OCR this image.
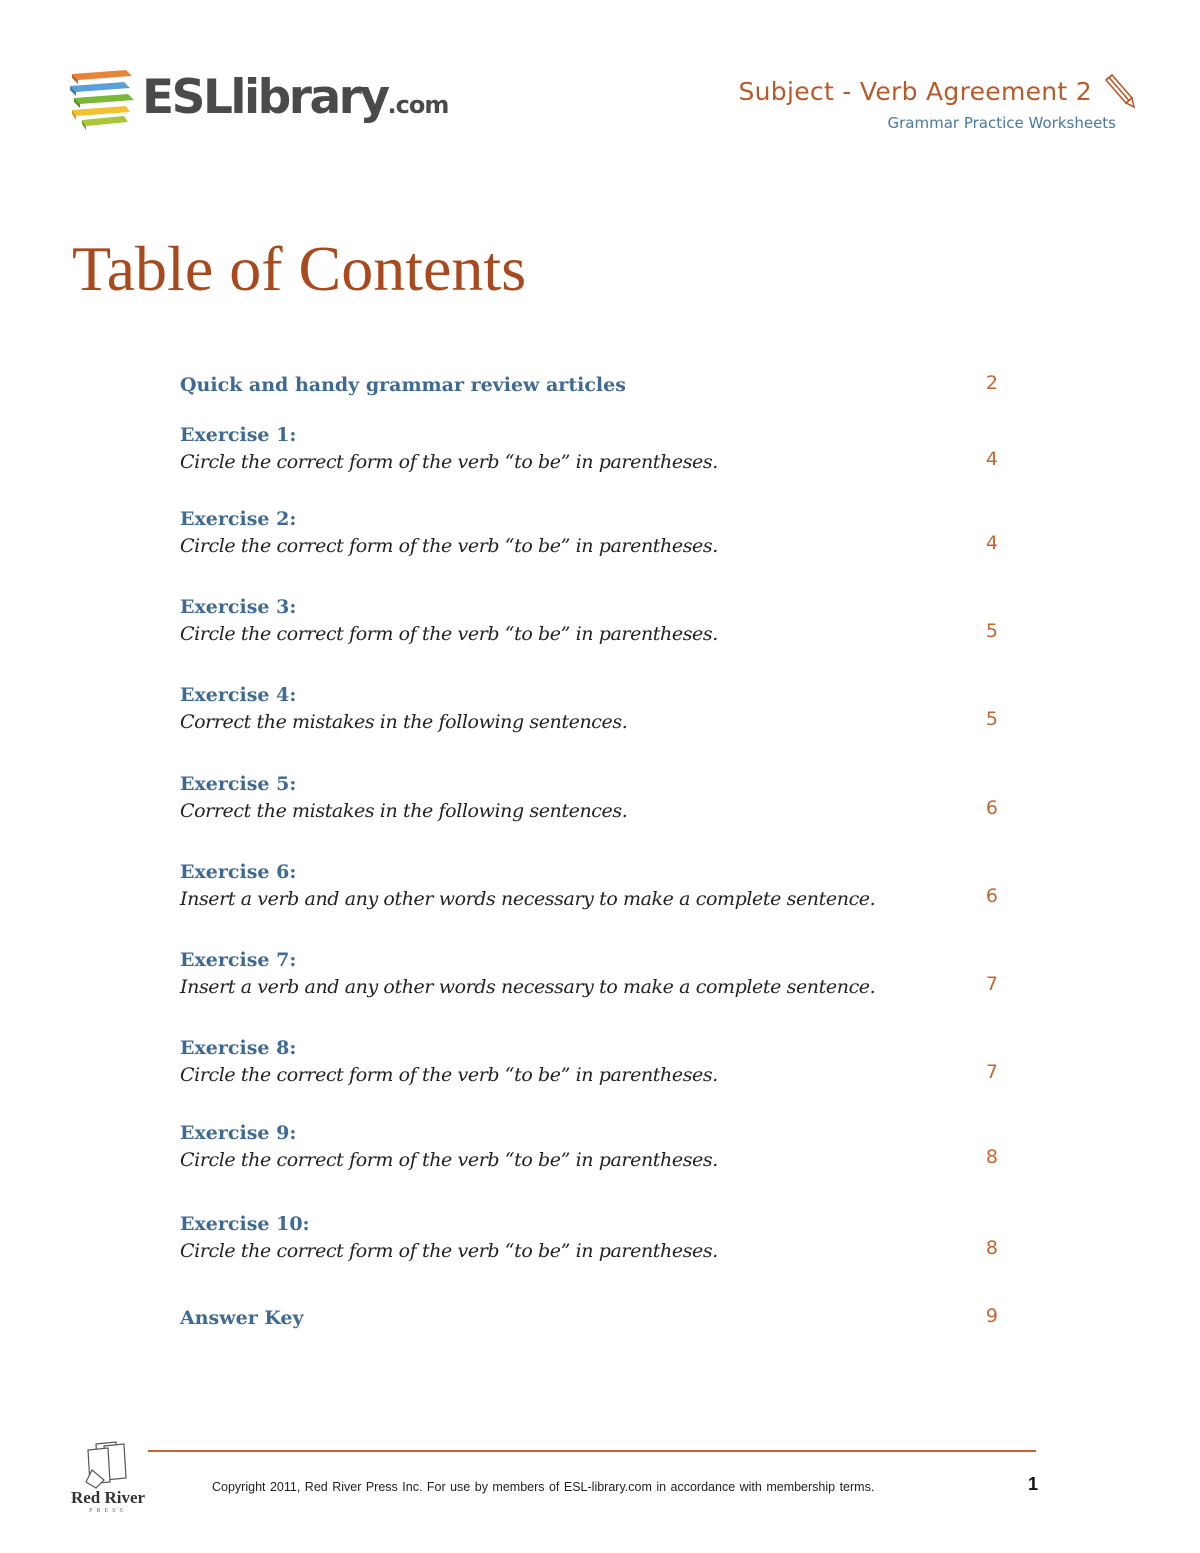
ESLlibrary.com	Subject - Verb Agreement 2
Grammar Practice Worksheets
Table of Contents
Quick and handy grammar review articles	2
Exercise 1:
Circle the correct form of the verb “to be” in parentheses.	4
Exercise 2:
Circle the correct form of the verb “to be” in parentheses.	4
Exercise 3:
Circle the correct form of the verb “to be” in parentheses.	5
Exercise 4:
Correct the mistakes in the following sentences.	5
Exercise 5:
Correct the mistakes in the following sentences.	6
Exercise 6:
Insert a verb and any other words necessary to make a complete sentence.	6
Exercise 7:
Insert a verb and any other words necessary to make a complete sentence.	7
Exercise 8:
Circle the correct form of the verb “to be” in parentheses.	7
Exercise 9:
Circle the correct form of the verb “to be” in parentheses.	8
Exercise 10:
Circle the correct form of the verb “to be” in parentheses.	8
Answer Key	9
Red River
PRESS
Copyright 2011, Red River Press Inc. For use by members of ESL-library.com in accordance with membership terms.	1
